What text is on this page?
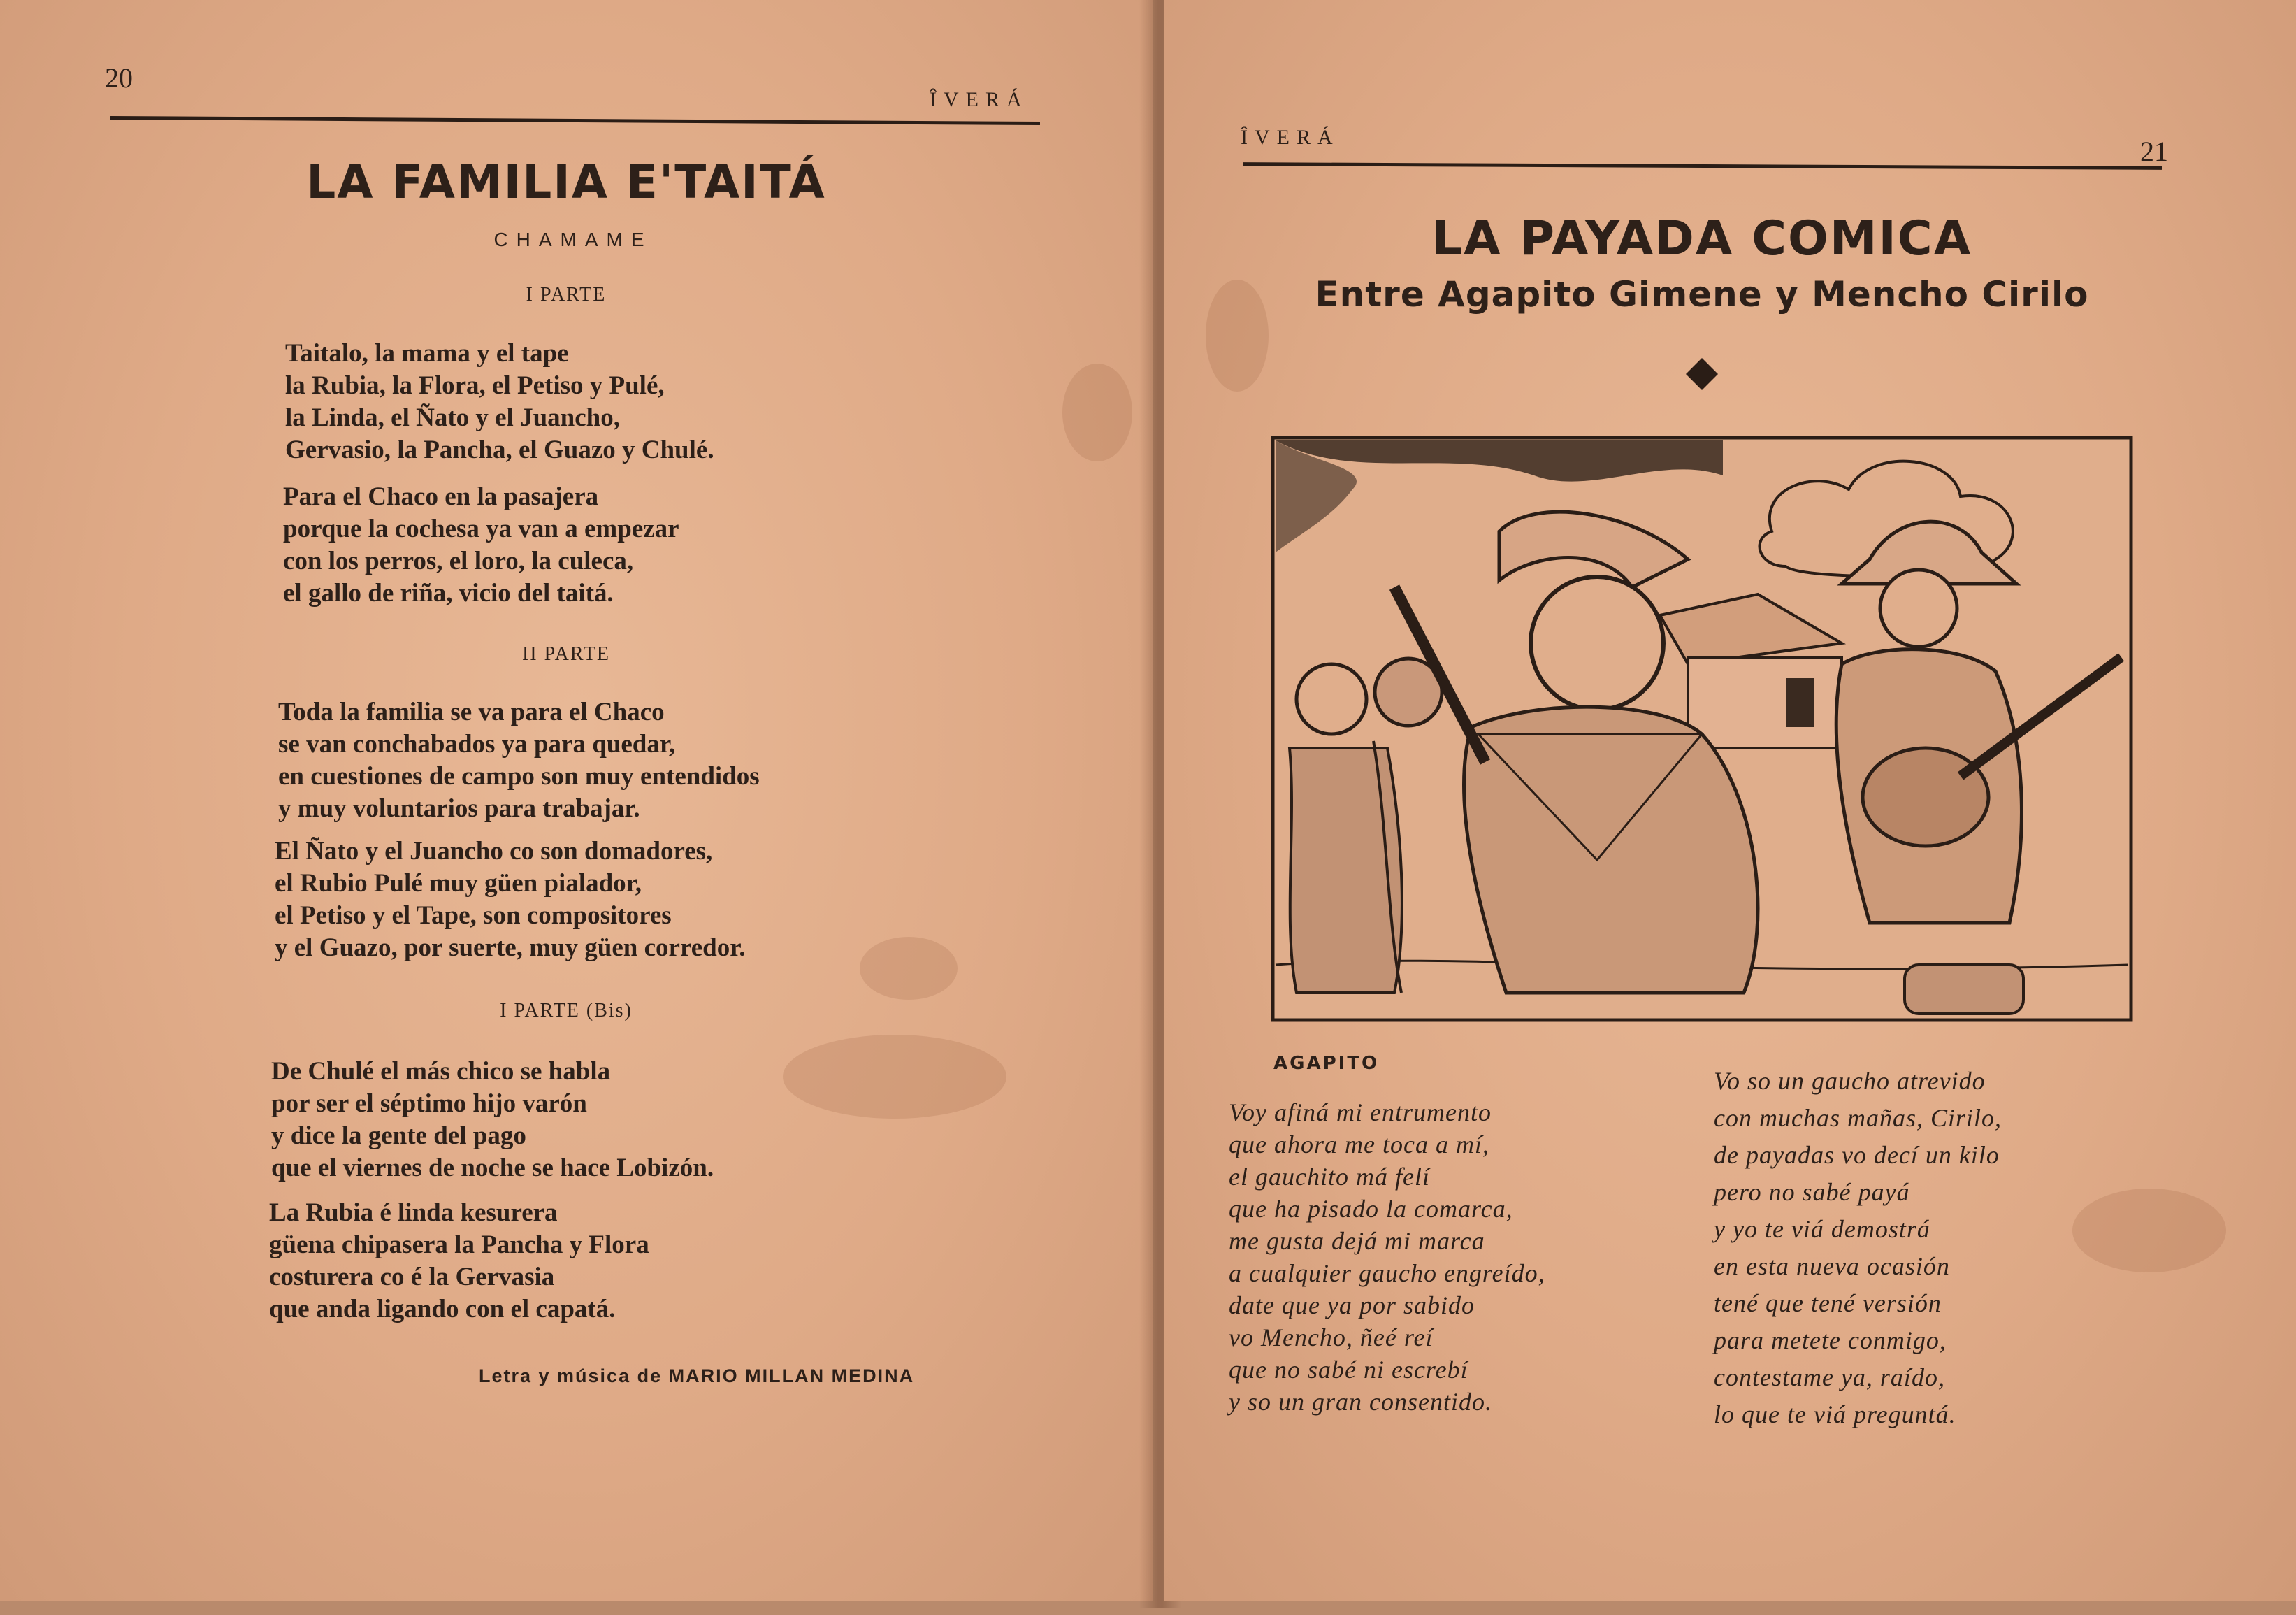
20
ÎVERÁ
LA FAMILIA E'TAITÁ
CHAMAME
I PARTE
Taitalo, la mama y el tape
la Rubia, la Flora, el Petiso y Pulé,
la Linda, el Ñato y el Juancho,
Gervasio, la Pancha, el Guazo y Chulé.
Para el Chaco en la pasajera
porque la cochesa ya van a empezar
con los perros, el loro, la culeca,
el gallo de riña, vicio del taitá.
II PARTE
Toda la familia se va para el Chaco
se van conchabados ya para quedar,
en cuestiones de campo son muy entendidos
y muy voluntarios para trabajar.
El Ñato y el Juancho co son domadores,
el Rubio Pulé muy güen pialador,
el Petiso y el Tape, son compositores
y el Guazo, por suerte, muy güen corredor.
I PARTE (Bis)
De Chulé el más chico se habla
por ser el séptimo hijo varón
y dice la gente del pago
que el viernes de noche se hace Lobizón.
La Rubia é linda kesurera
güena chipasera la Pancha y Flora
costurera co é la Gervasia
que anda ligando con el capatá.
Letra y música de MARIO MILLAN MEDINA
ÎVERÁ	21
LA PAYADA COMICA
Entre Agapito Gimene y Mencho Cirilo
AGAPITO
Voy afiná mi entrumento
que ahora me toca a mí,
el gauchito má felí
que ha pisado la comarca,
me gusta dejá mi marca
a cualquier gaucho engreído,
date que ya por sabido
vo Mencho, ñeé reí
que no sabé ni escrebí
y so un gran consentido.
Vo so un gaucho atrevido
con muchas mañas, Cirilo,
de payadas vo decí un kilo
pero no sabé payá
y yo te viá demostrá
en esta nueva ocasión
tené que tené versión
para metete conmigo,
contestame ya, raído,
lo que te viá preguntá.
